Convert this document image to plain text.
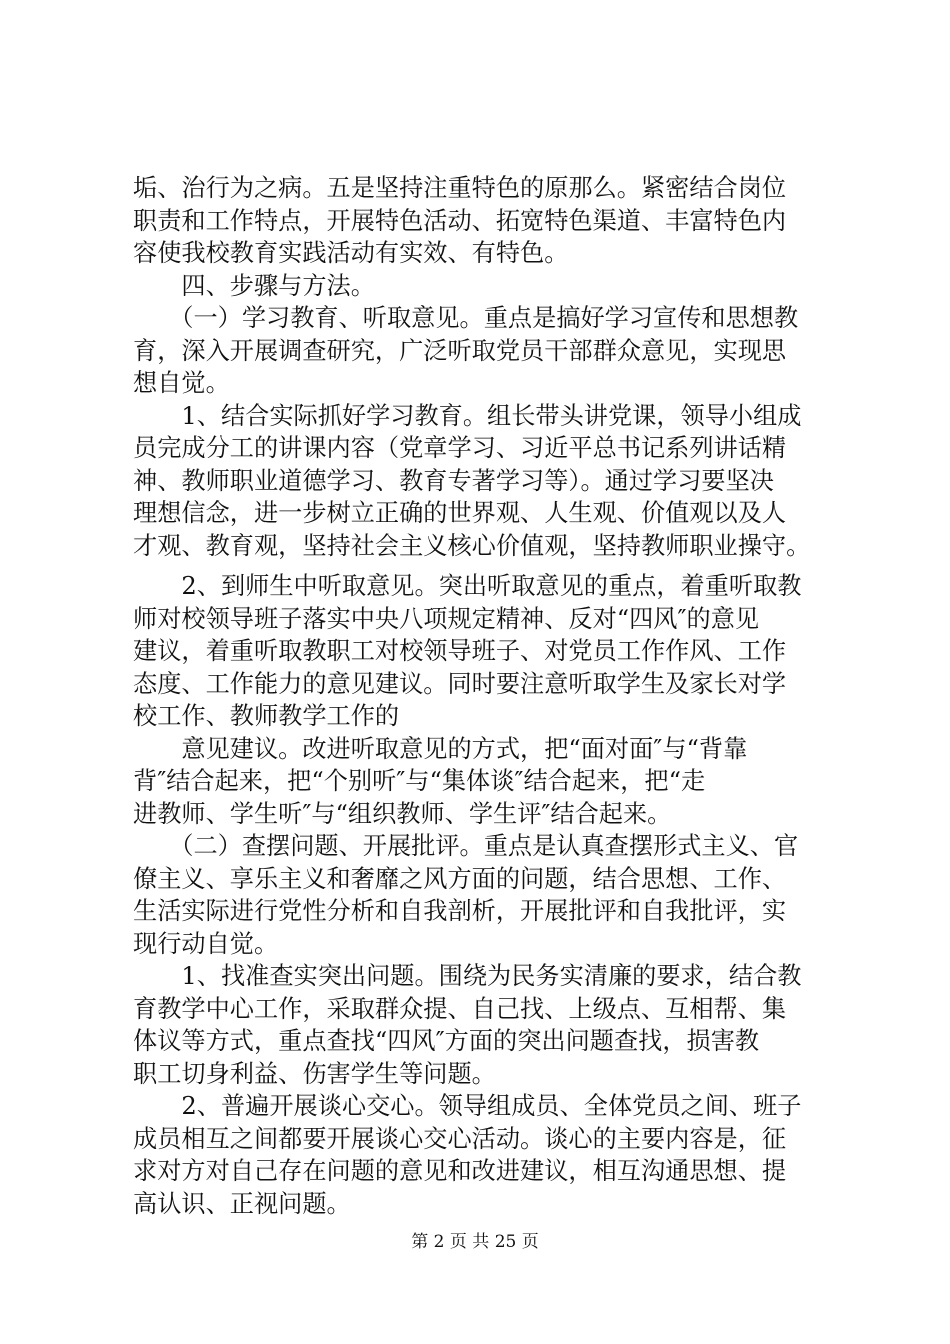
垢、治行为之病。五是坚持注重特色的原那么。紧密结合岗位
职责和工作特点，开展特色活动、拓宽特色渠道、丰富特色内
容使我校教育实践活动有实效、有特色。
　　四、步骤与方法。
　　（一）学习教育、听取意见。重点是搞好学习宣传和思想教
育，深入开展调查研究，广泛听取党员干部群众意见，实现思
想自觉。
　　1、结合实际抓好学习教育。组长带头讲党课，领导小组成
员完成分工的讲课内容（党章学习、习近平总书记系列讲话精
神、教师职业道德学习、教育专著学习等）。通过学习要坚决
理想信念，进一步树立正确的世界观、人生观、价值观以及人
才观、教育观，坚持社会主义核心价值观，坚持教师职业操守。
　　2、到师生中听取意见。突出听取意见的重点，着重听取教
师对校领导班子落实中央八项规定精神、反对“四风″的意见
建议，着重听取教职工对校领导班子、对党员工作作风、工作
态度、工作能力的意见建议。同时要注意听取学生及家长对学
校工作、教师教学工作的
　　意见建议。改进听取意见的方式，把“面对面″与“背靠
背″结合起来，把“个别听″与“集体谈″结合起来，把“走
进教师、学生听″与“组织教师、学生评″结合起来。
　　（二）查摆问题、开展批评。重点是认真查摆形式主义、官
僚主义、享乐主义和奢靡之风方面的问题，结合思想、工作、
生活实际进行党性分析和自我剖析，开展批评和自我批评，实
现行动自觉。
　　1、找准查实突出问题。围绕为民务实清廉的要求，结合教
育教学中心工作，采取群众提、自己找、上级点、互相帮、集
体议等方式，重点查找“四风″方面的突出问题查找，损害教
职工切身利益、伤害学生等问题。
　　2、普遍开展谈心交心。领导组成员、全体党员之间、班子
成员相互之间都要开展谈心交心活动。谈心的主要内容是，征
求对方对自己存在问题的意见和改进建议，相互沟通思想、提
高认识、正视问题。
第 2 页 共 25 页
